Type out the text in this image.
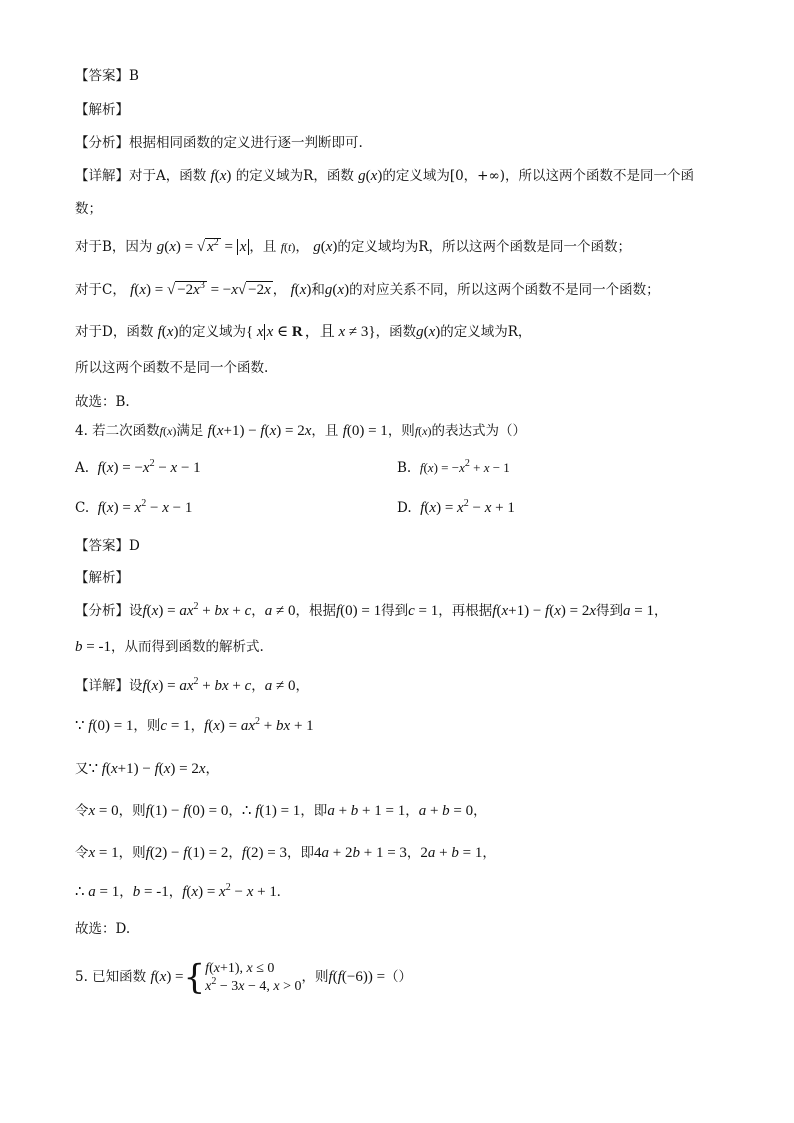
【答案】B
【解析】
【分析】根据相同函数的定义进行逐一判断即可.
【详解】对于A，函数 f(x) 的定义域为R，函数 g(x)的定义域为[0，+∞)，所以这两个函数不是同一个函
数；
对于B，因为 g(x) = √ $x^2 = x$ ，且 f(t)， g(x)的定义域均为R，所以这两个函数是同一个函数；
对于C， f(x) = √ $-2x^3 = -x√ -2x$ ， f(x)和g(x)的对应关系不同，所以这两个函数不是同一个函数；
对于D，函数 f(x)的定义域为{ x x ∈ R ，且 x ≠ 3}，函数g(x)的定义域为R，
所以这两个函数不是同一个函数.
故选：B.
4. 若二次函数f(x)满足 f(x+1) − f(x) = 2x，且 f(0) = 1，则f(x)的表达式为（）
A. $f(x) = -x^2 - x - 1$	B. $f(x) = -x^2 + x - 1$
C. $f(x) = x^2 - x - 1$	D. $f(x) = x^2 - x + 1$
【答案】D
【解析】
【分析】设$f(x) = ax^2$ + bx + c，a ≠ 0，根据f(0) = 1得到c = 1，再根据f(x+1) − f(x) = 2x得到a = 1，
b = -1，从而得到函数的解析式.
【详解】设$f(x) = ax^2$ + bx + c，a ≠ 0，
∵ f(0) = 1，则c = 1，$f(x) = ax^2$ + bx + 1
又∵ f(x+1) − f(x) = 2x，
令x = 0，则f(1) − f(0) = 0，∴ f(1) = 1，即a + b + 1 = 1，a + b = 0，
令x = 1，则f(2) − f(1) = 2，f(2) = 3，即4a + 2b + 1 = 3，2a + b = 1，
∴ a = 1，b = -1，$f(x) = x^2 - x + 1$.
故选：D.
5. 已知函数 f(x) ={ f(x+1), x ≤ 0
$x^2 - 3x - 4$, x > 0
，则f(f(−6)) =（）
